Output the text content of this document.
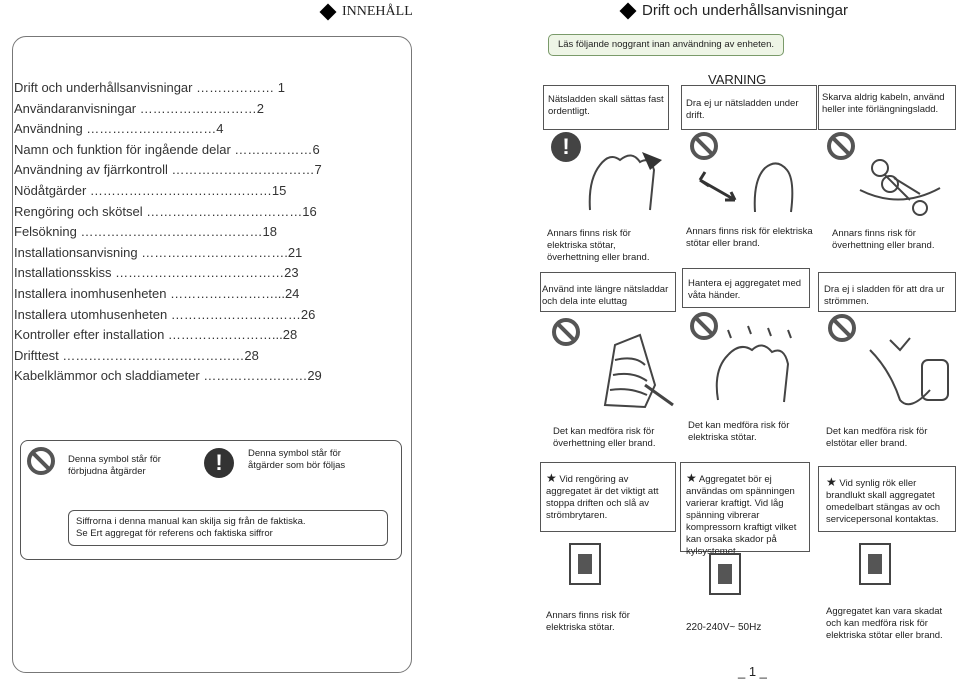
INNEHÅLL	Drift och underhållsanvisningar
Läs följande noggrant inan användning av enheten.
Drift och underhållsanvisningar ……………… 1
Användaranvisningar ………………………2
Användning …………………………4
Namn och funktion för ingående delar ………………6
Användning av fjärrkontroll ……………………………7
Nödåtgärder ……………………………………15
Rengöring och skötsel ………………………………16
Felsökning ……………………………………18
Installationsanvisning …………………………….21
Installationsskiss …………………………………23
Installera inomhusenheten ……………………...24
Installera utomhusenheten …………………………26
Kontroller efter installation ……………………...28
Drifttest ……………………………………28
Kabelklämmor och sladdiameter ……………………29
Denna symbol står för förbjudna åtgärder	!	Denna symbol står för åtgärder som bör följas
Siffrorna i denna manual kan skilja sig från de faktiska.
Se Ert aggregat för referens och faktiska siffror
VARNING
Nätsladden skall sättas fast ordentligt.
Dra ej ur nätsladden under drift.
Skarva aldrig kabeln, använd heller inte förlängningsladd.
!
Annars finns risk för elektriska stötar, överhettning eller brand.
Annars finns risk för elektriska stötar eller brand.
Annars finns risk för överhettning eller brand.
Använd inte längre nätsladdar och dela inte eluttag
Hantera ej aggregatet med våta händer.
Dra ej i sladden för att dra ur strömmen.
Det kan medföra risk för överhettning eller brand.
Det kan medföra risk för elektriska stötar.
Det kan medföra risk för elstötar eller brand.
★ Vid rengöring av aggregatet är det viktigt att stoppa driften och slå av strömbrytaren.
★ Aggregatet bör ej användas om spänningen varierar kraftigt. Vid låg spänning vibrerar kompressorn kraftigt vilket kan orsaka skador på kylsystemet.
★ Vid synlig rök eller brandlukt skall aggregatet omedelbart stängas av och servicepersonal kontaktas.
Annars finns risk för elektriska stötar.	220-240V~ 50Hz
Aggregatet kan vara skadat och kan medföra risk för elektriska stötar eller brand.
_ 1 _
